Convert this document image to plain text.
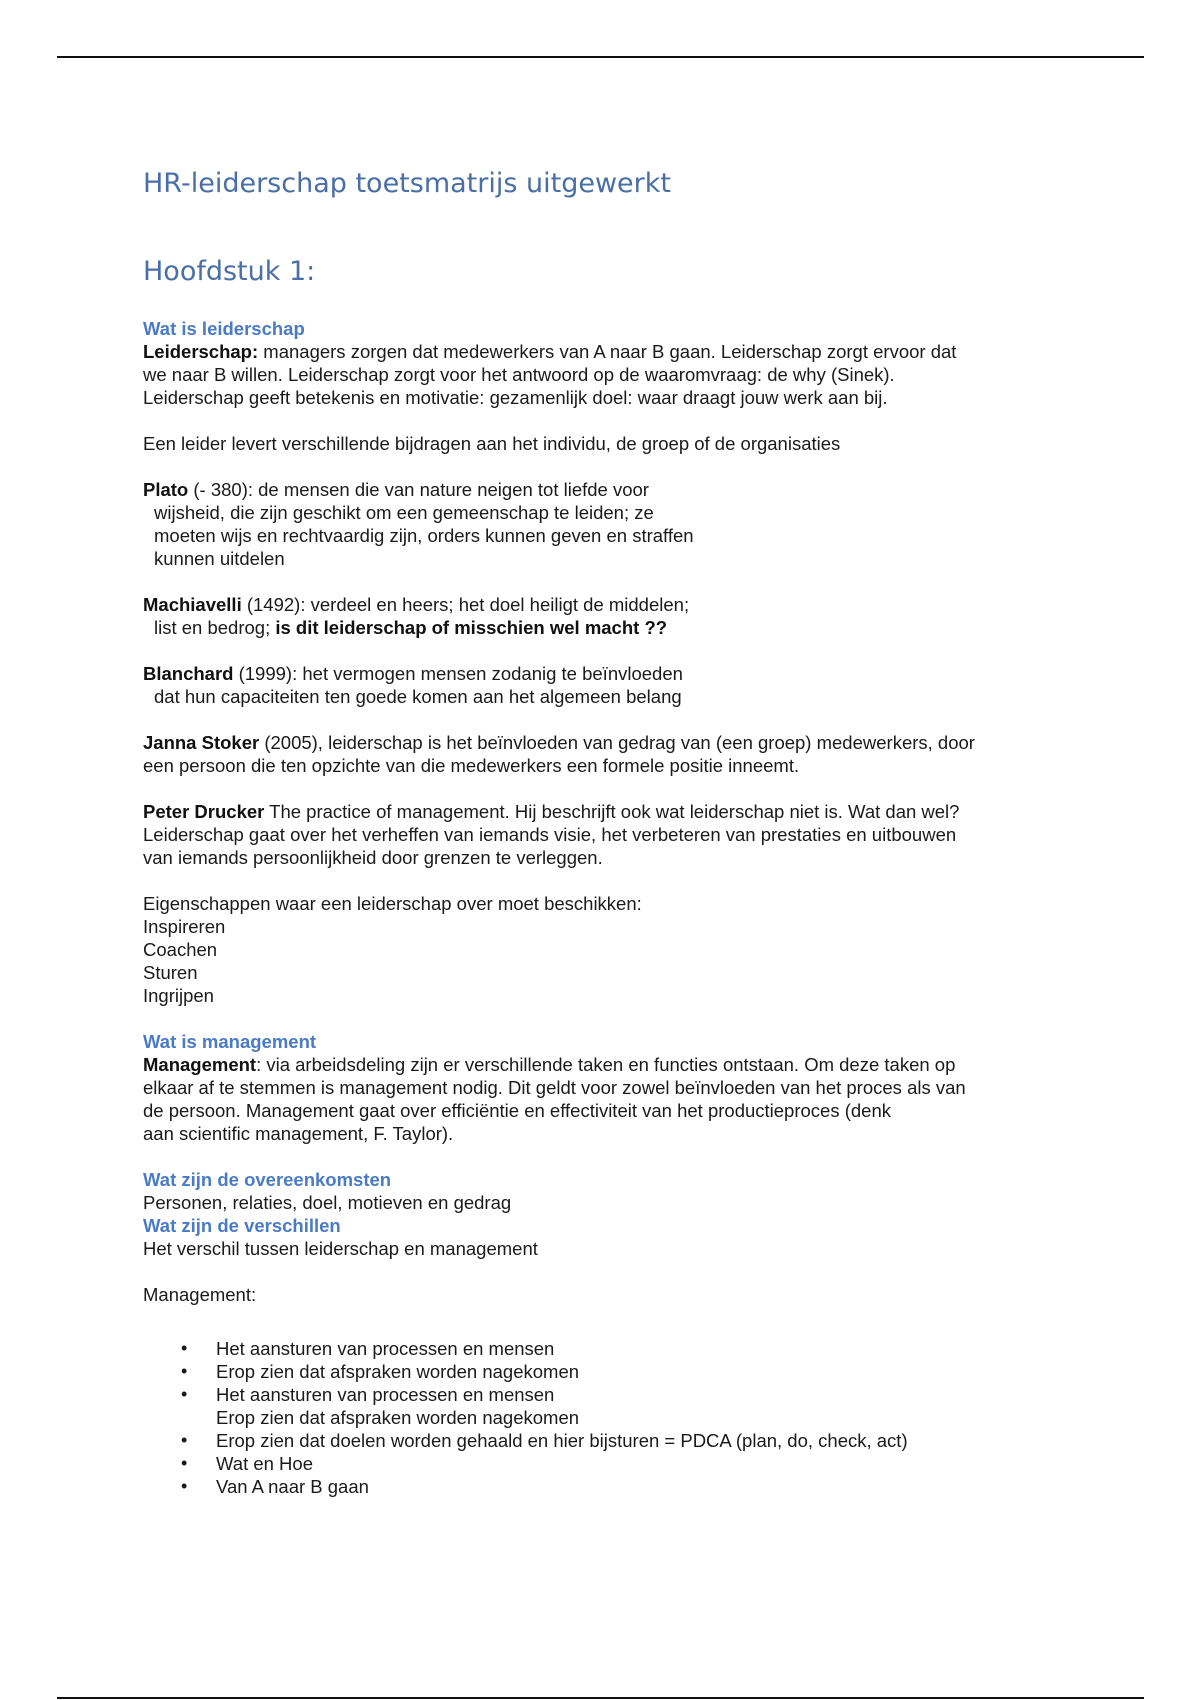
HR-leiderschap toetsmatrijs uitgewerkt
Hoofdstuk 1:

Wat is leiderschap

Leiderschap: managers zorgen dat medewerkers van A naar B gaan. Leiderschap zorgt ervoor dat

we naar B willen. Leiderschap zorgt voor het antwoord op de waaromvraag: de why (Sinek).

Leiderschap geeft betekenis en motivatie: gezamenlijk doel: waar draagt jouw werk aan bij.

Een leider levert verschillende bijdragen aan het individu, de groep of de organisaties

Plato (- 380): de mensen die van nature neigen tot liefde voor

wijsheid, die zijn geschikt om een gemeenschap te leiden; ze

moeten wijs en rechtvaardig zijn, orders kunnen geven en straffen

kunnen uitdelen

Machiavelli (1492): verdeel en heers; het doel heiligt de middelen;

list en bedrog; is dit leiderschap of misschien wel macht ??

Blanchard (1999): het vermogen mensen zodanig te beïnvloeden

dat hun capaciteiten ten goede komen aan het algemeen belang

Janna Stoker (2005), leiderschap is het beïnvloeden van gedrag van (een groep) medewerkers, door

een persoon die ten opzichte van die medewerkers een formele positie inneemt.

Peter Drucker The practice of management. Hij beschrijft ook wat leiderschap niet is. Wat dan wel?

Leiderschap gaat over het verheffen van iemands visie, het verbeteren van prestaties en uitbouwen

van iemands persoonlijkheid door grenzen te verleggen.

Eigenschappen waar een leiderschap over moet beschikken:

Inspireren

Coachen

Sturen

Ingrijpen

Wat is management

Management: via arbeidsdeling zijn er verschillende taken en functies ontstaan. Om deze taken op

elkaar af te stemmen is management nodig. Dit geldt voor zowel beïnvloeden van het proces als van

de persoon. Management gaat over efficiëntie en effectiviteit van het productieproces (denk

aan scientific management, F. Taylor).

Wat zijn de overeenkomsten

Personen, relaties, doel, motieven en gedrag

Wat zijn de verschillen

Het verschil tussen leiderschap en management

Management:

• Het aansturen van processen en mensen
• Erop zien dat afspraken worden nagekomen
• Het aansturen van processen en mensen
Erop zien dat afspraken worden nagekomen
• Erop zien dat doelen worden gehaald en hier bijsturen = PDCA (plan, do, check, act)
• Wat en Hoe
• Van A naar B gaan
